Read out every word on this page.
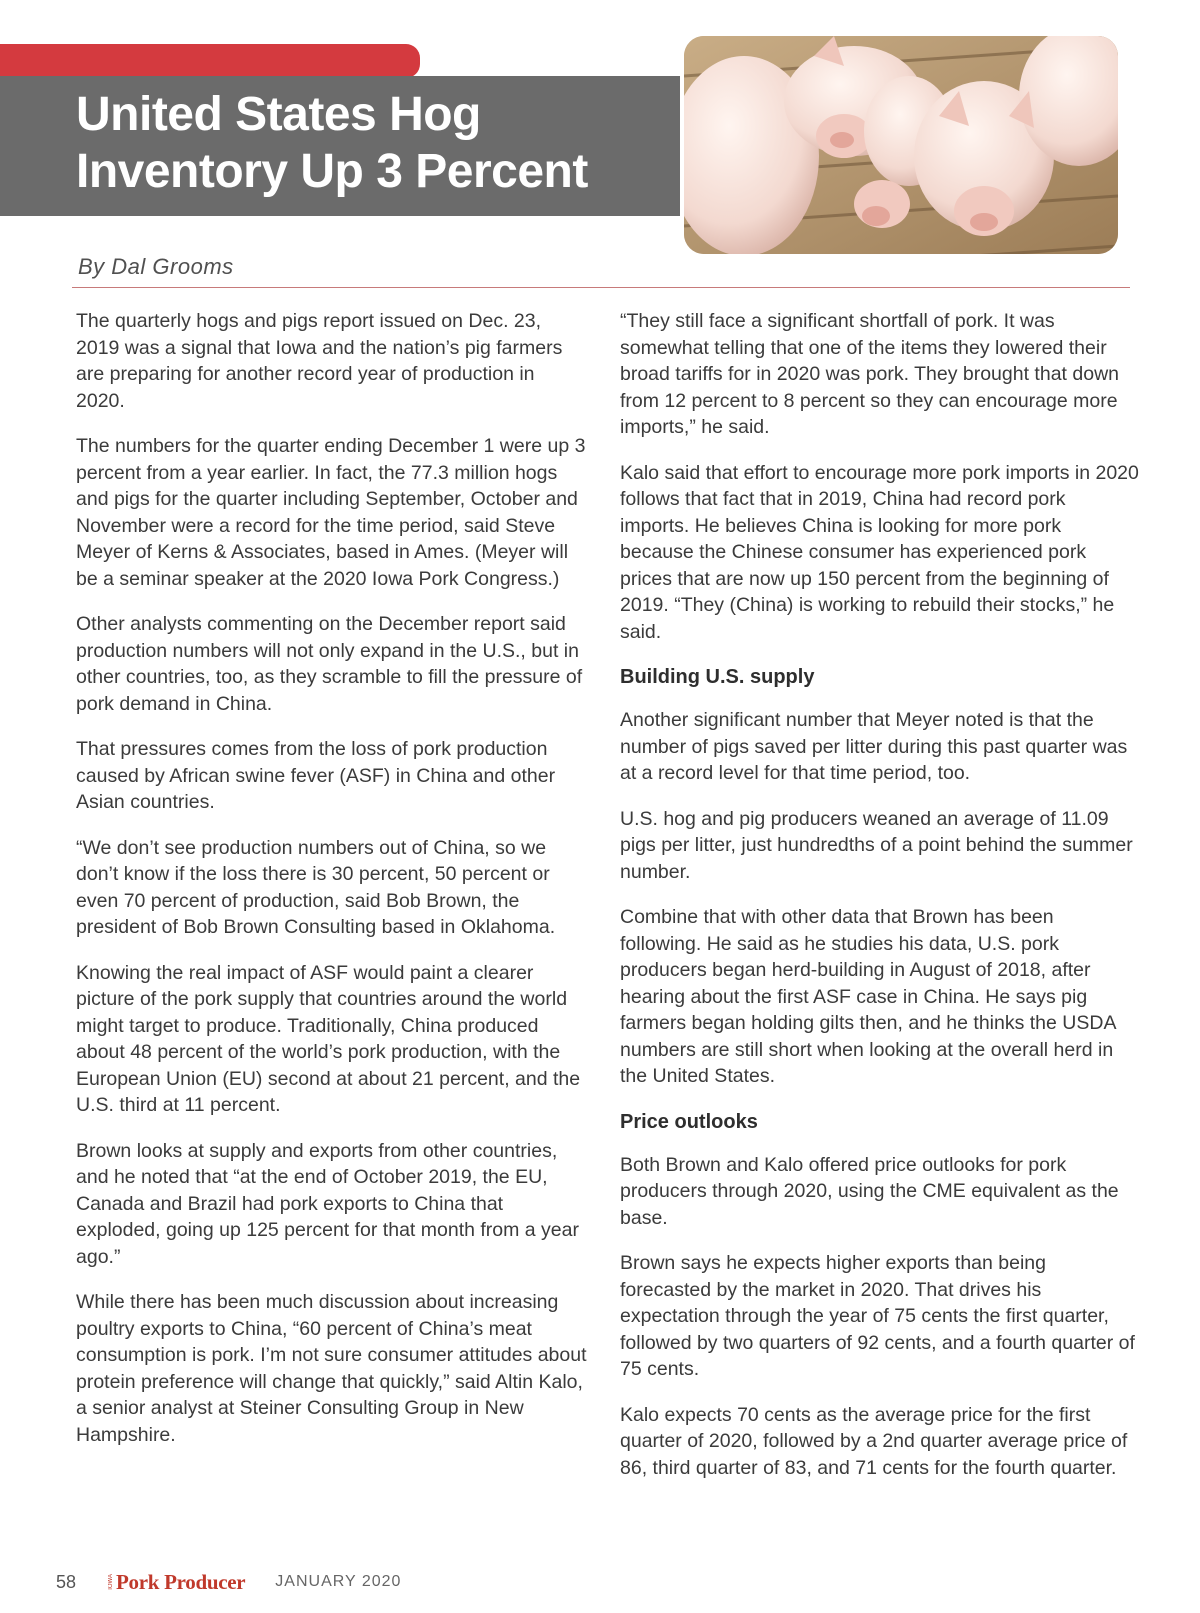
United States Hog Inventory Up 3 Percent

By Dal Grooms

The quarterly hogs and pigs report issued on Dec. 23, 2019 was a signal that Iowa and the nation’s pig farmers are preparing for another record year of production in 2020.

The numbers for the quarter ending December 1 were up 3 percent from a year earlier. In fact, the 77.3 million hogs and pigs for the quarter including September, October and November were a record for the time period, said Steve Meyer of Kerns & Associates, based in Ames. (Meyer will be a seminar speaker at the 2020 Iowa Pork Congress.)

Other analysts commenting on the December report said production numbers will not only expand in the U.S., but in other countries, too, as they scramble to fill the pressure of pork demand in China.

That pressures comes from the loss of pork production caused by African swine fever (ASF) in China and other Asian countries.

“We don’t see production numbers out of China, so we don’t know if the loss there is 30 percent, 50 percent or even 70 percent of production, said Bob Brown, the president of Bob Brown Consulting based in Oklahoma.

Knowing the real impact of ASF would paint a clearer picture of the pork supply that countries around the world might target to produce. Traditionally, China produced about 48 percent of the world’s pork production, with the European Union (EU) second at about 21 percent, and the U.S. third at 11 percent.

Brown looks at supply and exports from other countries, and he noted that “at the end of October 2019, the EU, Canada and Brazil had pork exports to China that exploded, going up 125 percent for that month from a year ago.”

While there has been much discussion about increasing poultry exports to China, “60 percent of China’s meat consumption is pork. I’m not sure consumer attitudes about protein preference will change that quickly,” said Altin Kalo, a senior analyst at Steiner Consulting Group in New Hampshire.

“They still face a significant shortfall of pork. It was somewhat telling that one of the items they lowered their broad tariffs for in 2020 was pork. They brought that down from 12 percent to 8 percent so they can encourage more imports,” he said.

Kalo said that effort to encourage more pork imports in 2020 follows that fact that in 2019, China had record pork imports. He believes China is looking for more pork because the Chinese consumer has experienced pork prices that are now up 150 percent from the beginning of 2019. “They (China) is working to rebuild their stocks,” he said.

Building U.S. supply

Another significant number that Meyer noted is that the number of pigs saved per litter during this past quarter was at a record level for that time period, too.

U.S. hog and pig producers weaned an average of 11.09 pigs per litter, just hundredths of a point behind the summer number.

Combine that with other data that Brown has been following. He said as he studies his data, U.S. pork producers began herd-building in August of 2018, after hearing about the first ASF case in China. He says pig farmers began holding gilts then, and he thinks the USDA numbers are still short when looking at the overall herd in the United States.

Price outlooks

Both Brown and Kalo offered price outlooks for pork producers through 2020, using the CME equivalent as the base.

Brown says he expects higher exports than being forecasted by the market in 2020. That drives his expectation through the year of 75 cents the first quarter, followed by two quarters of 92 cents, and a fourth quarter of 75 cents.

Kalo expects 70 cents as the average price for the first quarter of 2020, followed by a 2nd quarter average price of 86, third quarter of 83, and 71 cents for the fourth quarter.

58	IOWA Pork Producer JANUARY 2020
